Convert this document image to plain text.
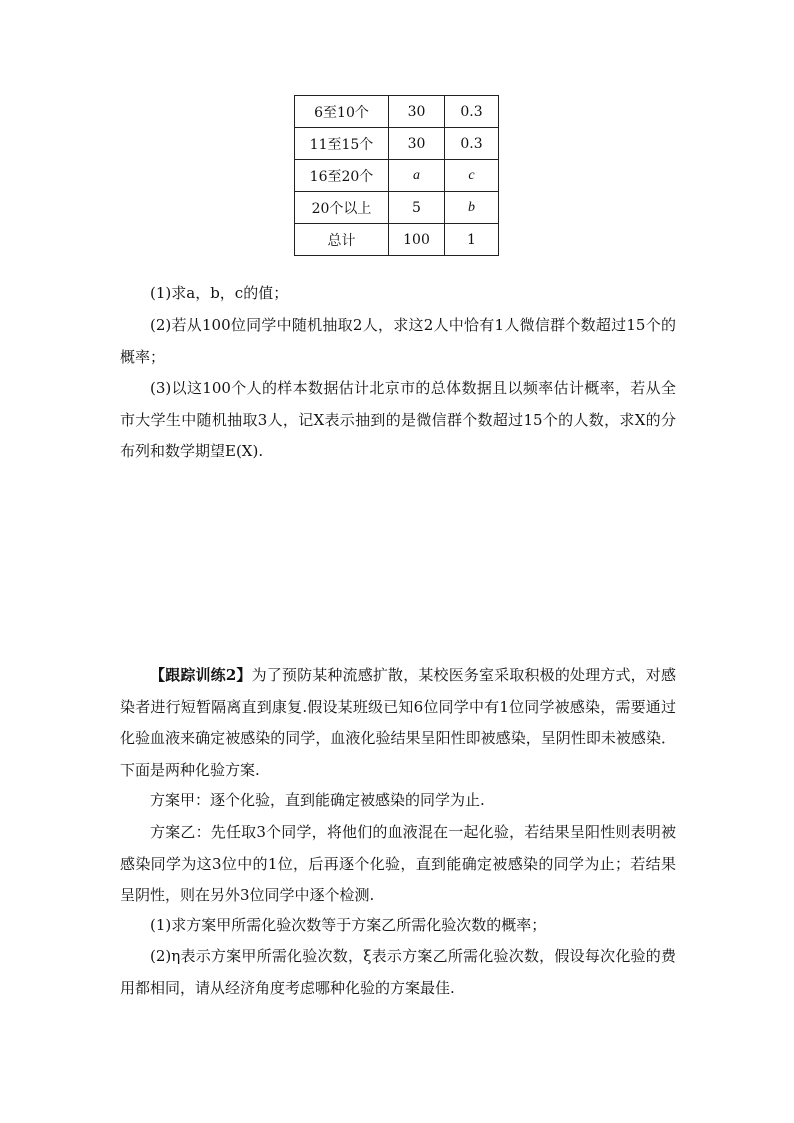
6至10个	30	0.3
11至15个	30	0.3
16至20个	a	c
20个以上	5	b
总计	100	1

(1)求a，b，c的值；

(2)若从100位同学中随机抽取2人，求这2人中恰有1人微信群个数超过15个的概率；

(3)以这100个人的样本数据估计北京市的总体数据且以频率估计概率，若从全市大学生中随机抽取3人，记X表示抽到的是微信群个数超过15个的人数，求X的分布列和数学期望E(X).

【跟踪训练2】为了预防某种流感扩散，某校医务室采取积极的处理方式，对感染者进行短暂隔离直到康复.假设某班级已知6位同学中有1位同学被感染，需要通过化验血液来确定被感染的同学，血液化验结果呈阳性即被感染，呈阴性即未被感染．下面是两种化验方案.

方案甲：逐个化验，直到能确定被感染的同学为止.

方案乙：先任取3个同学，将他们的血液混在一起化验，若结果呈阳性则表明被感染同学为这3位中的1位，后再逐个化验，直到能确定被感染的同学为止；若结果呈阴性，则在另外3位同学中逐个检测.

(1)求方案甲所需化验次数等于方案乙所需化验次数的概率；

(2)η表示方案甲所需化验次数，ξ表示方案乙所需化验次数，假设每次化验的费用都相同，请从经济角度考虑哪种化验的方案最佳.
